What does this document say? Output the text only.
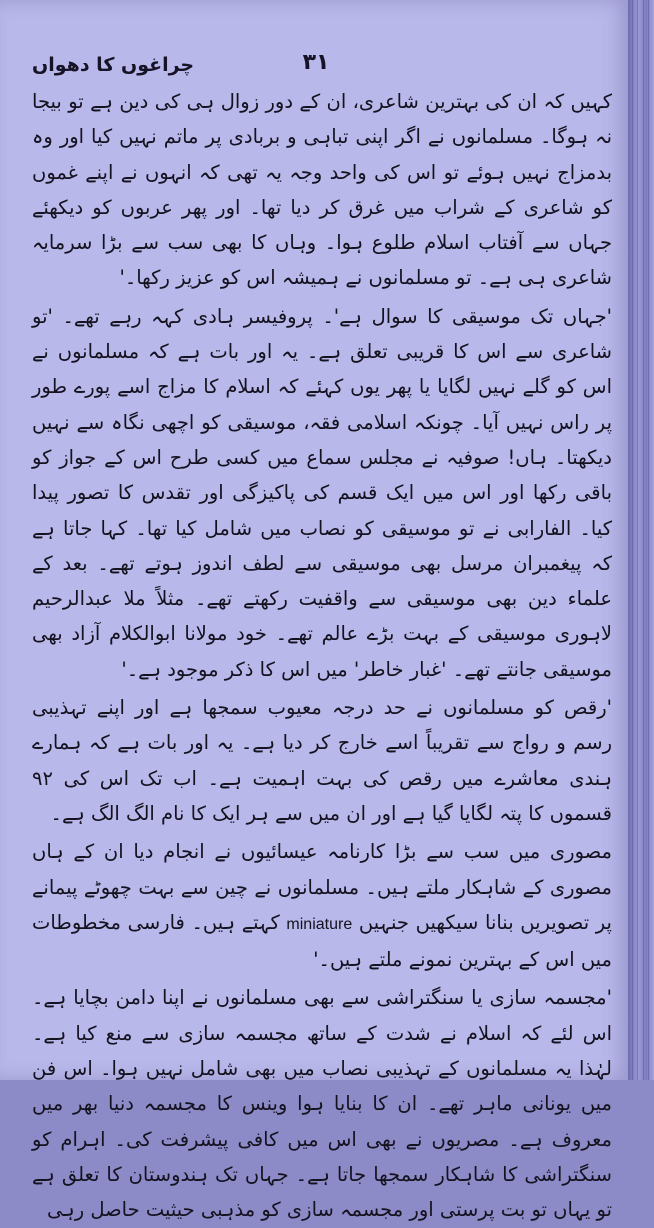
۳۱
چراغوں کا دھواں

کہیں کہ ان کی بہترین شاعری، ان کے دور زوال ہی کی دین ہے تو بیجا نہ ہوگا۔ مسلمانوں نے اگر اپنی تباہی و بربادی پر ماتم نہیں کیا اور وہ بدمزاج نہیں ہوئے تو اس کی واحد وجہ یہ تھی کہ انہوں نے اپنے غموں کو شاعری کے شراب میں غرق کر دیا تھا۔ اور پھر عربوں کو دیکھئے جہاں سے آفتاب اسلام طلوع ہوا۔ وہاں کا بھی سب سے بڑا سرمایہ شاعری ہی ہے۔ تو مسلمانوں نے ہمیشہ اس کو عزیز رکھا۔'

'جہاں تک موسیقی کا سوال ہے'۔ پروفیسر ہادی کہہ رہے تھے۔ 'تو شاعری سے اس کا قریبی تعلق ہے۔ یہ اور بات ہے کہ مسلمانوں نے اس کو گلے نہیں لگایا یا پھر یوں کہئے کہ اسلام کا مزاج اسے پورے طور پر راس نہیں آیا۔ چونکہ اسلامی فقہ، موسیقی کو اچھی نگاہ سے نہیں دیکھتا۔ ہاں! صوفیہ نے مجلس سماع میں کسی طرح اس کے جواز کو باقی رکھا اور اس میں ایک قسم کی پاکیزگی اور تقدس کا تصور پیدا کیا۔ الفارابی نے تو موسیقی کو نصاب میں شامل کیا تھا۔ کہا جاتا ہے کہ پیغمبران مرسل بھی موسیقی سے لطف اندوز ہوتے تھے۔ بعد کے علماء دین بھی موسیقی سے واقفیت رکھتے تھے۔ مثلاً ملا عبدالرحیم لاہوری موسیقی کے بہت بڑے عالم تھے۔ خود مولانا ابوالکلام آزاد بھی موسیقی جانتے تھے۔ 'غبار خاطر' میں اس کا ذکر موجود ہے۔'

'رقص کو مسلمانوں نے حد درجہ معیوب سمجھا ہے اور اپنے تہذیبی رسم و رواج سے تقریباً اسے خارج کر دیا ہے۔ یہ اور بات ہے کہ ہمارے ہندی معاشرے میں رقص کی بہت اہمیت ہے۔ اب تک اس کی ۹۲ قسموں کا پتہ لگایا گیا ہے اور ان میں سے ہر ایک کا نام الگ الگ ہے۔

مصوری میں سب سے بڑا کارنامہ عیسائیوں نے انجام دیا ان کے ہاں مصوری کے شاہکار ملتے ہیں۔ مسلمانوں نے چین سے بہت چھوٹے پیمانے پر تصویریں بنانا سیکھیں جنہیں miniature کہتے ہیں۔ فارسی مخطوطات میں اس کے بہترین نمونے ملتے ہیں۔'

'مجسمہ سازی یا سنگتراشی سے بھی مسلمانوں نے اپنا دامن بچایا ہے۔ اس لئے کہ اسلام نے شدت کے ساتھ مجسمہ سازی سے منع کیا ہے۔ لہٰذا یہ مسلمانوں کے تہذیبی نصاب میں بھی شامل نہیں ہوا۔ اس فن میں یونانی ماہر تھے۔ ان کا بنایا ہوا وینس کا مجسمہ دنیا بھر میں معروف ہے۔ مصریوں نے بھی اس میں کافی پیشرفت کی۔ اہرام کو سنگتراشی کا شاہکار سمجھا جاتا ہے۔ جہاں تک ہندوستان کا تعلق ہے تو یہاں تو بت پرستی اور مجسمہ سازی کو مذہبی حیثیت حاصل رہی
